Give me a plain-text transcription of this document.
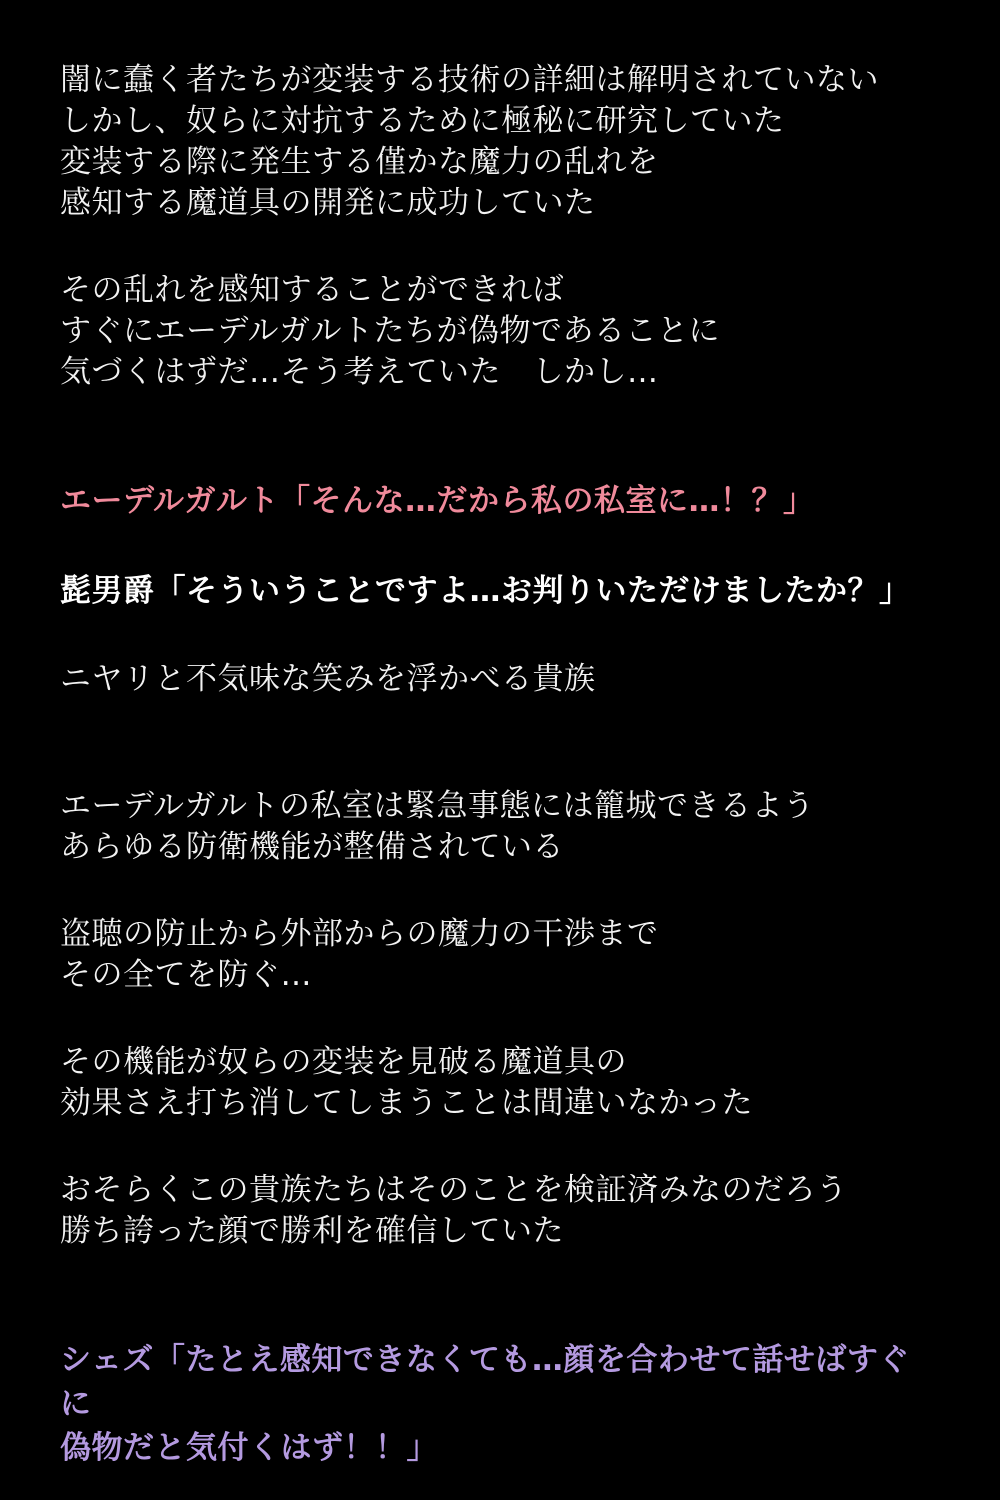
闇に蠢く者たちが変装する技術の詳細は解明されていない
しかし、奴らに対抗するために極秘に研究していた
変装する際に発生する僅かな魔力の乱れを
感知する魔道具の開発に成功していた
その乱れを感知することができれば
すぐにエーデルガルトたちが偽物であることに
気づくはずだ…そう考えていた　しかし…
エーデルガルト「そんな…だから私の私室に…！？」
髭男爵「そういうことですよ…お判りいただけましたか？」
ニヤリと不気味な笑みを浮かべる貴族
エーデルガルトの私室は緊急事態には籠城できるよう
あらゆる防衛機能が整備されている
盗聴の防止から外部からの魔力の干渉まで
その全てを防ぐ…
その機能が奴らの変装を見破る魔道具の
効果さえ打ち消してしまうことは間違いなかった
おそらくこの貴族たちはそのことを検証済みなのだろう
勝ち誇った顔で勝利を確信していた
シェズ「たとえ感知できなくても…顔を合わせて話せばすぐに
偽物だと気付くはず！！」
